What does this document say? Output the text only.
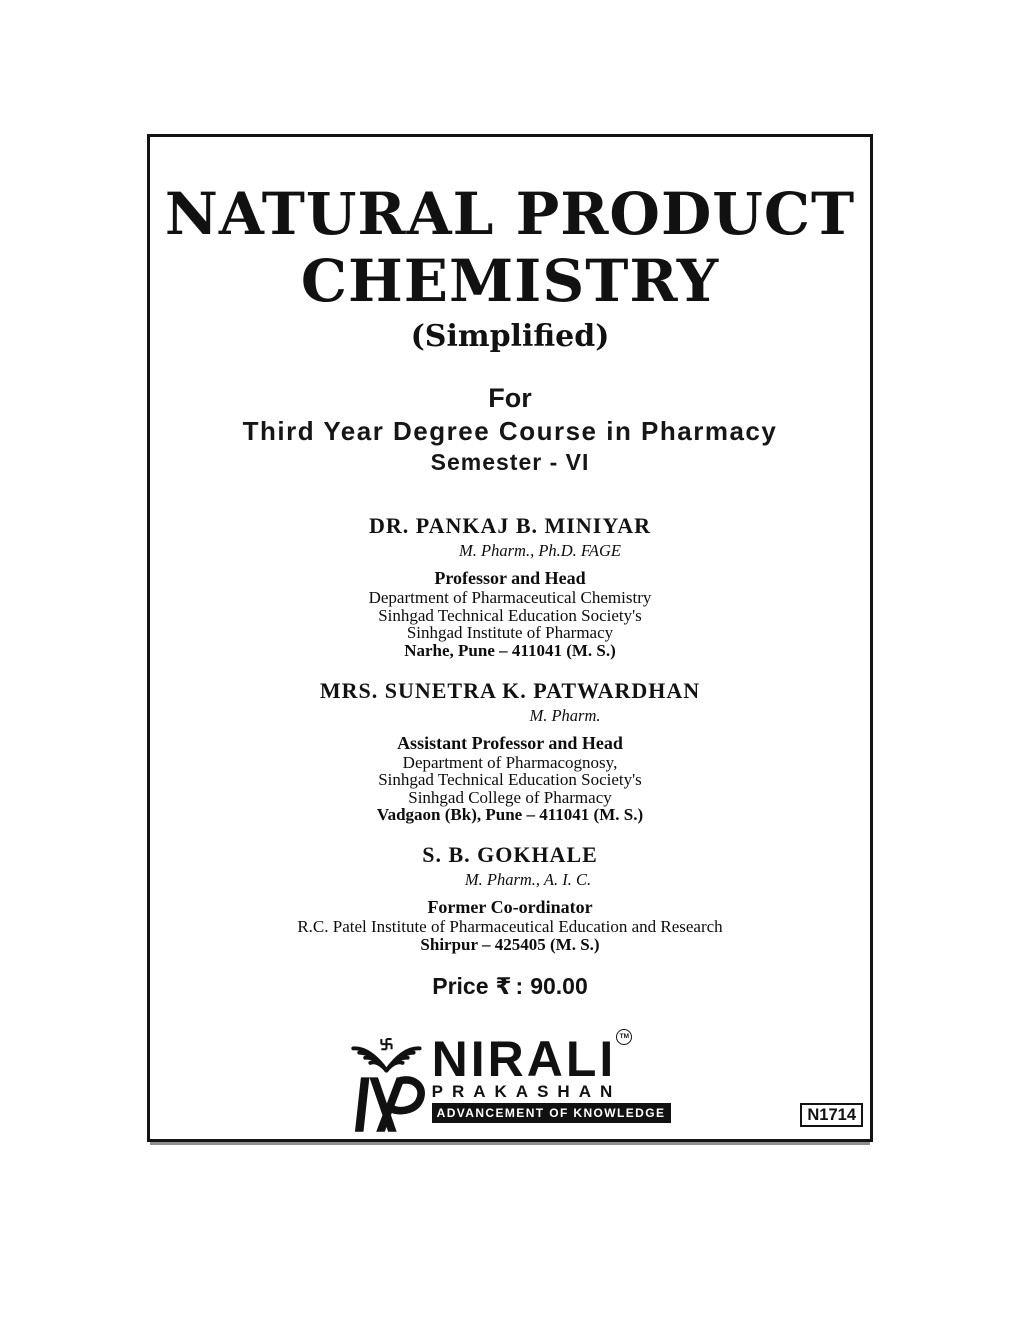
NATURAL PRODUCT
CHEMISTRY
(Simplified)
For
Third Year Degree Course in Pharmacy
Semester - VI
DR. PANKAJ B. MINIYAR
M. Pharm., Ph.D. FAGE
Professor and Head
Department of Pharmaceutical Chemistry
Sinhgad Technical Education Society's
Sinhgad Institute of Pharmacy
Narhe, Pune – 411041 (M. S.)
MRS. SUNETRA K. PATWARDHAN
M. Pharm.
Assistant Professor and Head
Department of Pharmacognosy,
Sinhgad Technical Education Society's
Sinhgad College of Pharmacy
Vadgaon (Bk), Pune – 411041 (M. S.)
S. B. GOKHALE
M. Pharm., A. I. C.
Former Co-ordinator
R.C. Patel Institute of Pharmaceutical Education and Research
Shirpur – 425405 (M. S.)
Price ₹ : 90.00
NIRALI TM
PRAKASHAN
ADVANCEMENT OF KNOWLEDGE	N1714
